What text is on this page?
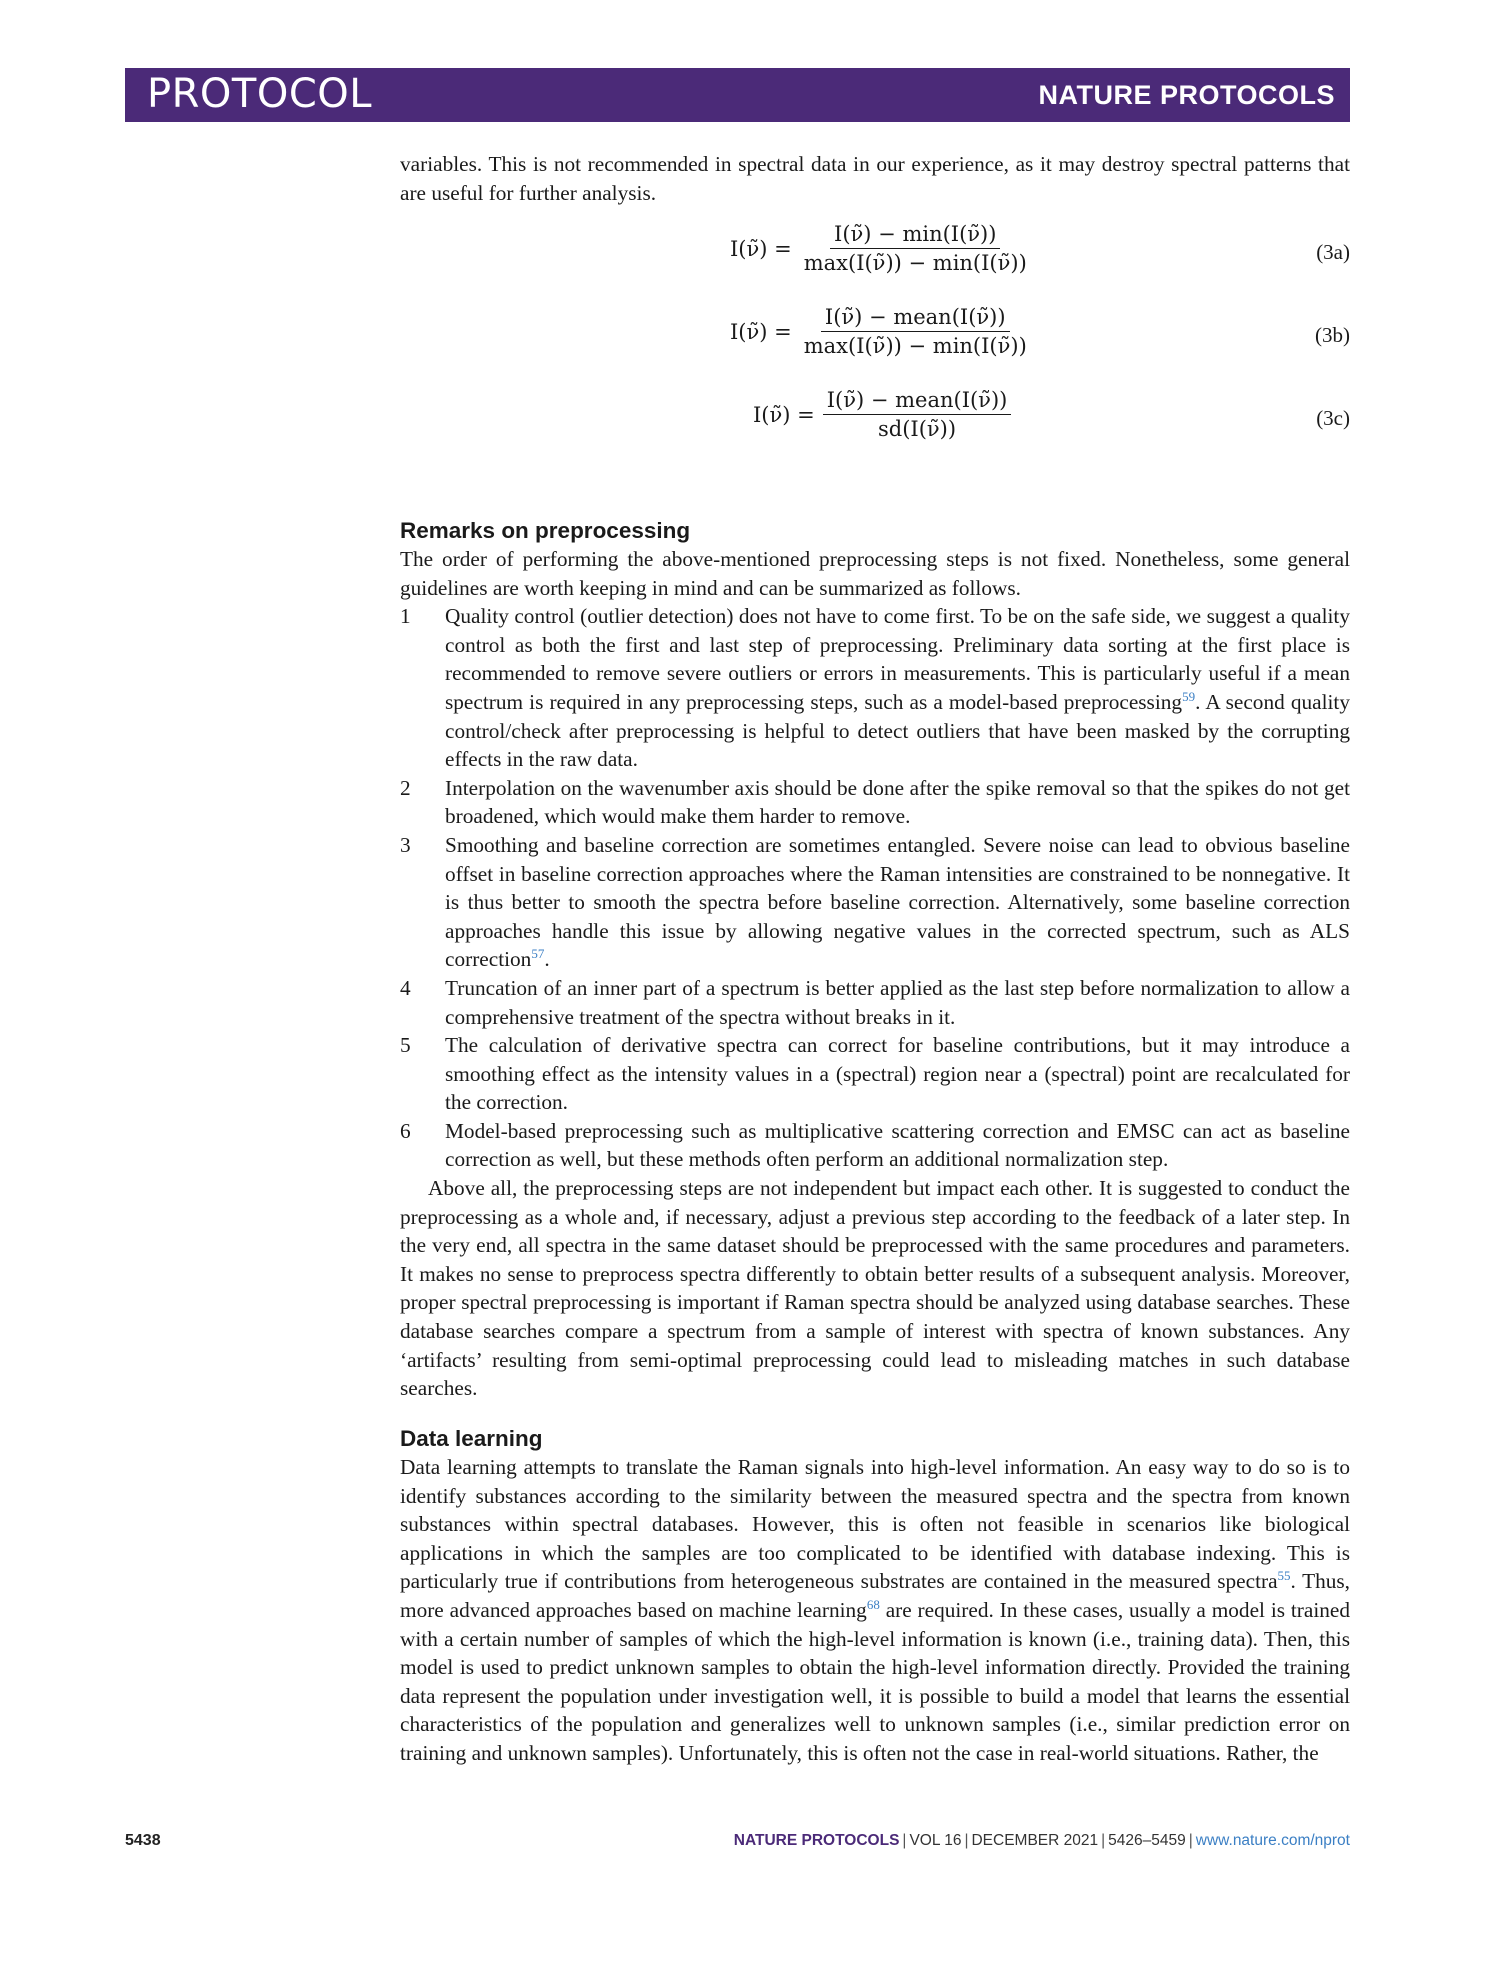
PROTOCOL	NATURE PROTOCOLS

variables. This is not recommended in spectral data in our experience, as it may destroy spectral patterns that are useful for further analysis.

I(ν̃) = $\frac{I(\nũ) - \min(I(\nũ))}{\max(I(\nũ)) - \min(I(\nũ))}$	(3a)
I(ν̃) = $\frac{\text{I(ν̃) − mean(I(ν̃))}}{\max(I(\nũ)) - \min(I(\nũ))}$	(3b)
I(ν̃) = $\frac{\text{I(ν̃) − mean(I(ν̃))}}{sd(I(\nũ))}$	(3c)
Remarks on preprocessing

The order of performing the above-mentioned preprocessing steps is not fixed. Nonetheless, some general guidelines are worth keeping in mind and can be summarized as follows.

1 Quality control (outlier detection) does not have to come first. To be on the safe side, we suggest a quality control as both the first and last step of preprocessing. Preliminary data sorting at the first place is recommended to remove severe outliers or errors in measurements. This is particularly useful if a mean spectrum is required in any preprocessing steps, such as a model-based preprocessing$^{59}$. A second quality control/check after preprocessing is helpful to detect outliers that have been masked by the corrupting effects in the raw data.

2 Interpolation on the wavenumber axis should be done after the spike removal so that the spikes do not get broadened, which would make them harder to remove.

3 Smoothing and baseline correction are sometimes entangled. Severe noise can lead to obvious baseline offset in baseline correction approaches where the Raman intensities are constrained to be nonnegative. It is thus better to smooth the spectra before baseline correction. Alternatively, some baseline correction approaches handle this issue by allowing negative values in the corrected spectrum, such as ALS correction$^{57}$.

4 Truncation of an inner part of a spectrum is better applied as the last step before normalization to allow a comprehensive treatment of the spectra without breaks in it.

5 The calculation of derivative spectra can correct for baseline contributions, but it may introduce a smoothing effect as the intensity values in a (spectral) region near a (spectral) point are recalculated for the correction.

6 Model-based preprocessing such as multiplicative scattering correction and EMSC can act as baseline correction as well, but these methods often perform an additional normalization step.

Above all, the preprocessing steps are not independent but impact each other. It is suggested to conduct the preprocessing as a whole and, if necessary, adjust a previous step according to the feedback of a later step. In the very end, all spectra in the same dataset should be preprocessed with the same procedures and parameters. It makes no sense to preprocess spectra differently to obtain better results of a subsequent analysis. Moreover, proper spectral preprocessing is important if Raman spectra should be analyzed using database searches. These database searches compare a spectrum from a sample of interest with spectra of known substances. Any ‘artifacts’ resulting from semi-optimal preprocessing could lead to misleading matches in such database searches.

Data learning

Data learning attempts to translate the Raman signals into high-level information. An easy way to do so is to identify substances according to the similarity between the measured spectra and the spectra from known substances within spectral databases. However, this is often not feasible in scenarios like biological applications in which the samples are too complicated to be identified with database indexing. This is particularly true if contributions from heterogeneous substrates are contained in the measured spectra$^{55}$. Thus, more advanced approaches based on machine learning$^{68}$ are required. In these cases, usually a model is trained with a certain number of samples of which the high-level information is known (i.e., training data). Then, this model is used to predict unknown samples to obtain the high-level information directly. Provided the training data represent the population under investigation well, it is possible to build a model that learns the essential characteristics of the population and generalizes well to unknown samples (i.e., similar prediction error on training and unknown samples). Unfortunately, this is often not the case in real-world situations. Rather, the

5438	NATURE PROTOCOLS | VOL 16 | DECEMBER 2021 | 5426–5459 | www.nature.com/nprot
